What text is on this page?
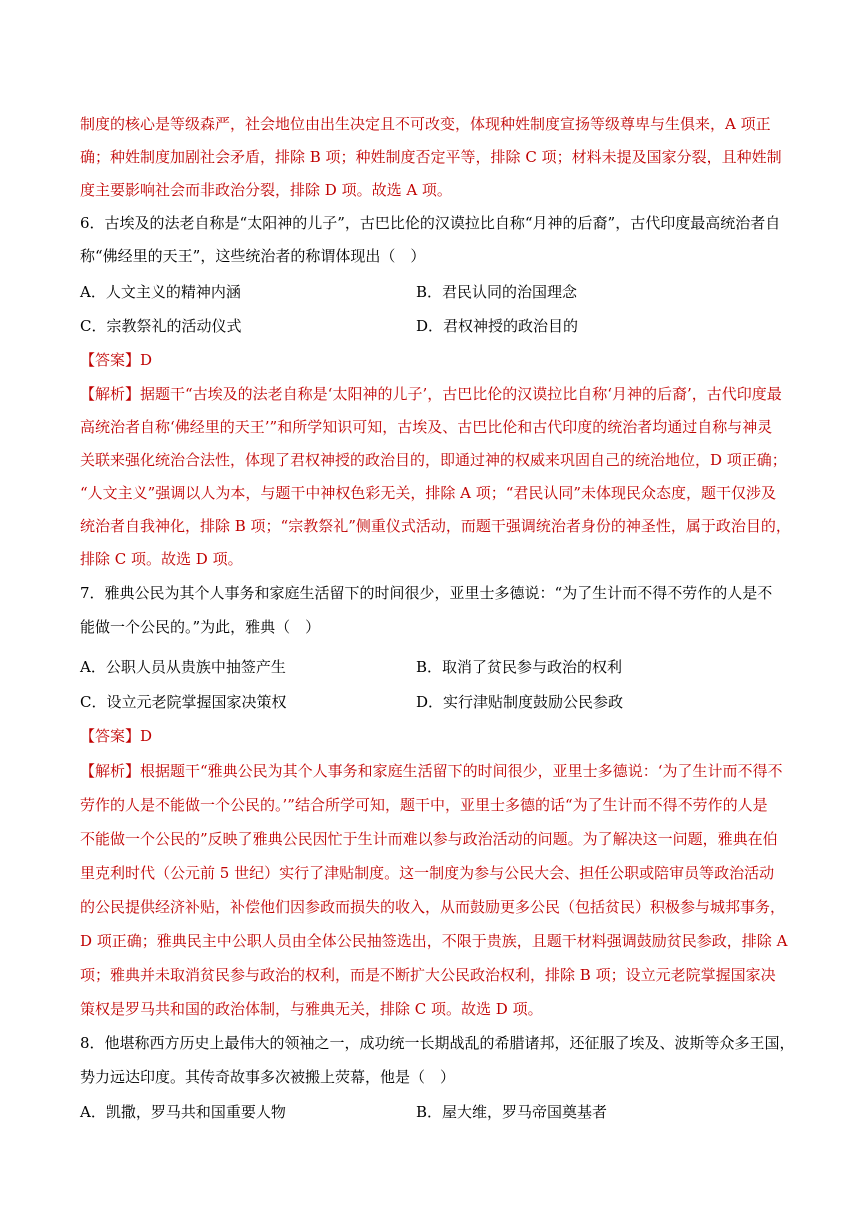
制度的核心是等级森严，社会地位由出生决定且不可改变，体现种姓制度宣扬等级尊卑与生俱来，A 项正
确；种姓制度加剧社会矛盾，排除 B 项；种姓制度否定平等，排除 C 项；材料未提及国家分裂，且种姓制
度主要影响社会而非政治分裂，排除 D 项。故选 A 项。
6．古埃及的法老自称是“太阳神的儿子”，古巴比伦的汉谟拉比自称“月神的后裔”，古代印度最高统治者自
称“佛经里的天王”，这些统治者的称谓体现出（　）
A．人文主义的精神内涵	B．君民认同的治国理念
C．宗教祭礼的活动仪式	D．君权神授的政治目的
【答案】D
【解析】据题干“古埃及的法老自称是‘太阳神的儿子’，古巴比伦的汉谟拉比自称‘月神的后裔’，古代印度最
高统治者自称‘佛经里的天王’”和所学知识可知，古埃及、古巴比伦和古代印度的统治者均通过自称与神灵
关联来强化统治合法性，体现了君权神授的政治目的，即通过神的权威来巩固自己的统治地位，D 项正确；
“人文主义”强调以人为本，与题干中神权色彩无关，排除 A 项；“君民认同”未体现民众态度，题干仅涉及
统治者自我神化，排除 B 项；“宗教祭礼”侧重仪式活动，而题干强调统治者身份的神圣性，属于政治目的，
排除 C 项。故选 D 项。
7．雅典公民为其个人事务和家庭生活留下的时间很少，亚里士多德说：“为了生计而不得不劳作的人是不
能做一个公民的。”为此，雅典（　）
A．公职人员从贵族中抽签产生	B．取消了贫民参与政治的权利
C．设立元老院掌握国家决策权	D．实行津贴制度鼓励公民参政
【答案】D
【解析】根据题干“雅典公民为其个人事务和家庭生活留下的时间很少，亚里士多德说：‘为了生计而不得不
劳作的人是不能做一个公民的。’”结合所学可知，题干中，亚里士多德的话“为了生计而不得不劳作的人是
不能做一个公民的”反映了雅典公民因忙于生计而难以参与政治活动的问题。为了解决这一问题，雅典在伯
里克利时代（公元前 5 世纪）实行了津贴制度。这一制度为参与公民大会、担任公职或陪审员等政治活动
的公民提供经济补贴，补偿他们因参政而损失的收入，从而鼓励更多公民（包括贫民）积极参与城邦事务，
D 项正确；雅典民主中公职人员由全体公民抽签选出，不限于贵族，且题干材料强调鼓励贫民参政，排除 A
项；雅典并未取消贫民参与政治的权利，而是不断扩大公民政治权利，排除 B 项；设立元老院掌握国家决
策权是罗马共和国的政治体制，与雅典无关，排除 C 项。故选 D 项。
8．他堪称西方历史上最伟大的领袖之一，成功统一长期战乱的希腊诸邦，还征服了埃及、波斯等众多王国，
势力远达印度。其传奇故事多次被搬上荧幕，他是（　）
A．凯撒，罗马共和国重要人物	B．屋大维，罗马帝国奠基者
